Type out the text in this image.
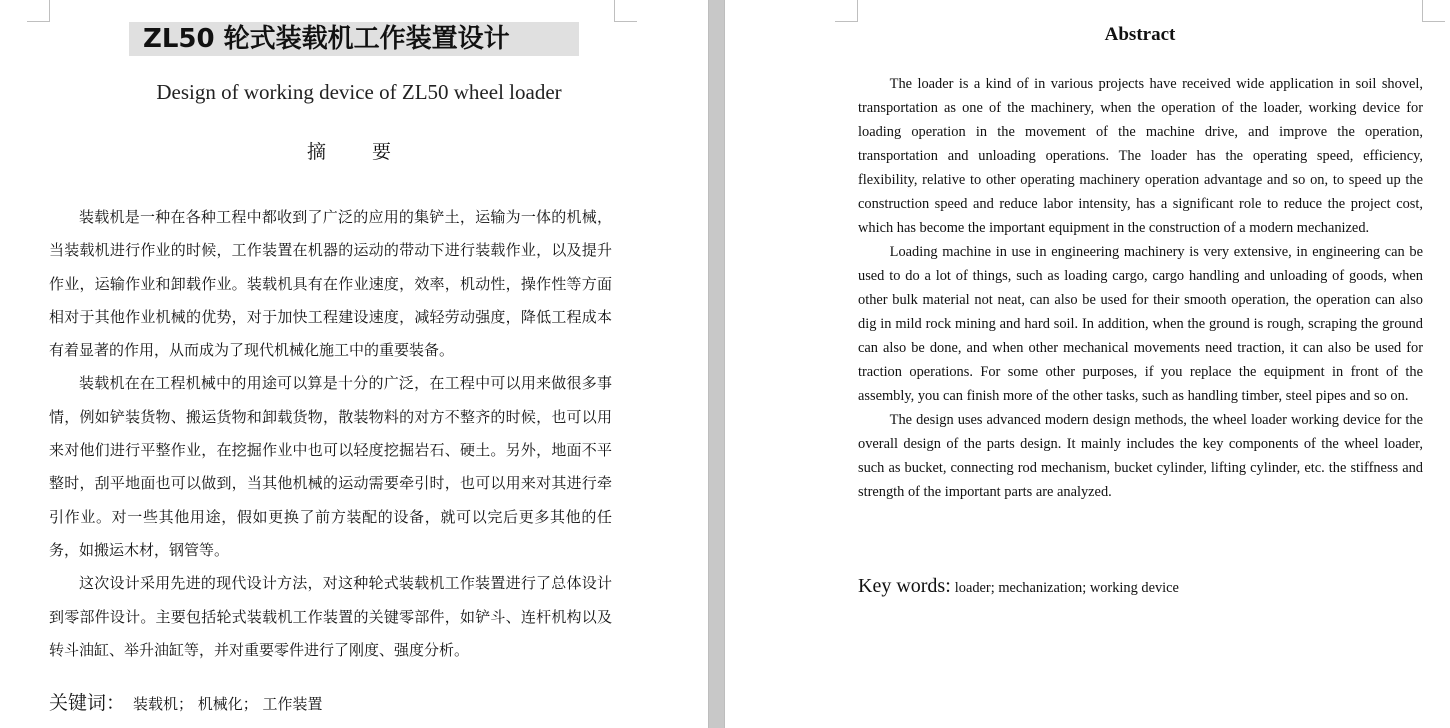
ZL50 轮式装载机工作装置设计
Design of working device of ZL50 wheel loader
摘 要

装载机是一种在各种工程中都收到了广泛的应用的集铲土，运输为一体的机械，当装载机进行作业的时候，工作装置在机器的运动的带动下进行装载作业，以及提升作业，运输作业和卸载作业。装载机具有在作业速度，效率，机动性，操作性等方面相对于其他作业机械的优势，对于加快工程建设速度，减轻劳动强度，降低工程成本有着显著的作用，从而成为了现代机械化施工中的重要装备。

装载机在在工程机械中的用途可以算是十分的广泛，在工程中可以用来做很多事情，例如铲装货物、搬运货物和卸载货物，散装物料的对方不整齐的时候，也可以用来对他们进行平整作业，在挖掘作业中也可以轻度挖掘岩石、硬土。另外，地面不平整时，刮平地面也可以做到，当其他机械的运动需要牵引时，也可以用来对其进行牵引作业。对一些其他用途，假如更换了前方装配的设备，就可以完后更多其他的任务，如搬运木材，钢管等。

这次设计采用先进的现代设计方法，对这种轮式装载机工作装置进行了总体设计到零部件设计。主要包括轮式装载机工作装置的关键零部件，如铲斗、连杆机构以及转斗油缸、举升油缸等，并对重要零件进行了刚度、强度分析。

关键词： 装载机； 机械化； 工作装置
Abstract

The loader is a kind of in various projects have received wide application in soil shovel, transportation as one of the machinery, when the operation of the loader, working device for loading operation in the movement of the machine drive, and improve the operation, transportation and unloading operations. The loader has the operating speed, efficiency, flexibility, relative to other operating machinery operation advantage and so on, to speed up the construction speed and reduce labor intensity, has a significant role to reduce the project cost, which has become the important equipment in the construction of a modern mechanized.

Loading machine in use in engineering machinery is very extensive, in engineering can be used to do a lot of things, such as loading cargo, cargo handling and unloading of goods, when other bulk material not neat, can also be used for their smooth operation, the operation can also dig in mild rock mining and hard soil. In addition, when the ground is rough, scraping the ground can also be done, and when other mechanical movements need traction, it can also be used for traction operations. For some other purposes, if you replace the equipment in front of the assembly, you can finish more of the other tasks, such as handling timber, steel pipes and so on.

The design uses advanced modern design methods, the wheel loader working device for the overall design of the parts design. It mainly includes the key components of the wheel loader, such as bucket, connecting rod mechanism, bucket cylinder, lifting cylinder, etc. the stiffness and strength of the important parts are analyzed.

Key words: loader; mechanization; working device
